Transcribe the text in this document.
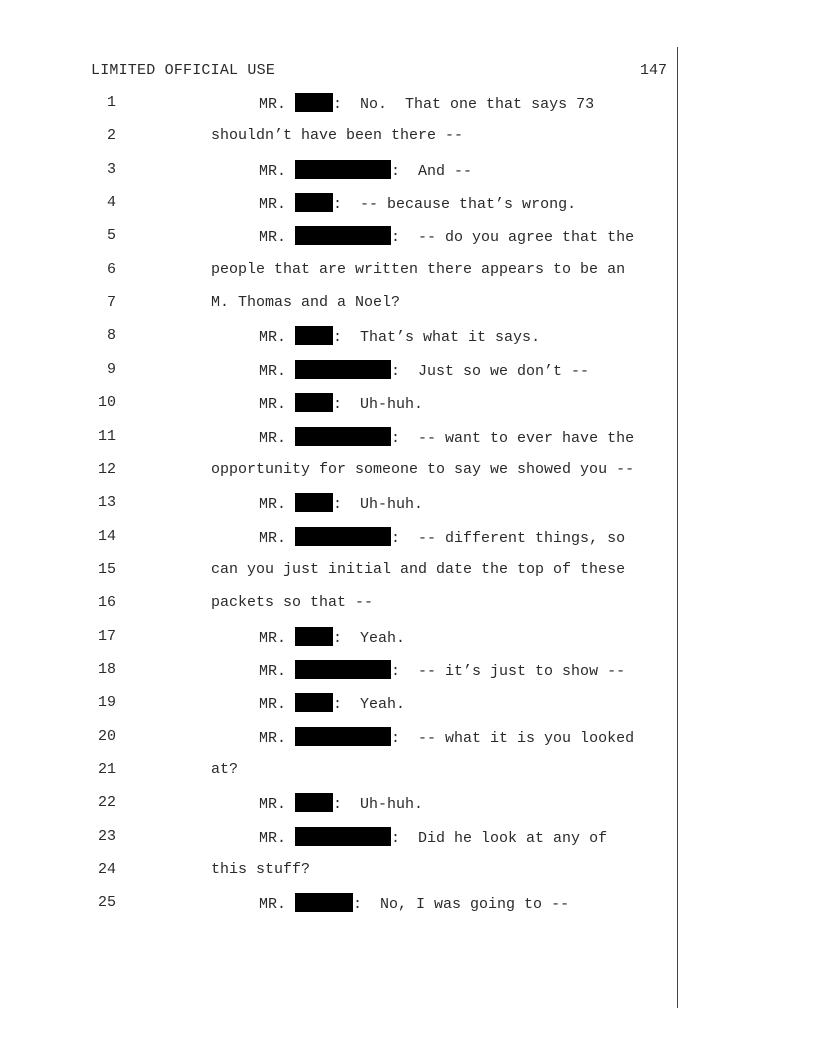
LIMITED OFFICIAL USE	147
1	MR.	:  No.  That one that says 73
2	shouldn’t have been there --
3	MR.	:  And --
4	MR.	:  -- because that’s wrong.
5	MR.	:  -- do you agree that the
6	people that are written there appears to be an
7	M. Thomas and a Noel?
8	MR.	:  That’s what it says.
9	MR.	:  Just so we don’t --
10	MR.	:  Uh-huh.
11	MR.	:  -- want to ever have the
12	opportunity for someone to say we showed you --
13	MR.	:  Uh-huh.
14	MR.	:  -- different things, so
15	can you just initial and date the top of these
16	packets so that --
17	MR.	:  Yeah.
18	MR.	:  -- it’s just to show --
19	MR.	:  Yeah.
20	MR.	:  -- what it is you looked
21	at?
22	MR.	:  Uh-huh.
23	MR.	:  Did he look at any of
24	this stuff?
25	MR.	:  No, I was going to --
